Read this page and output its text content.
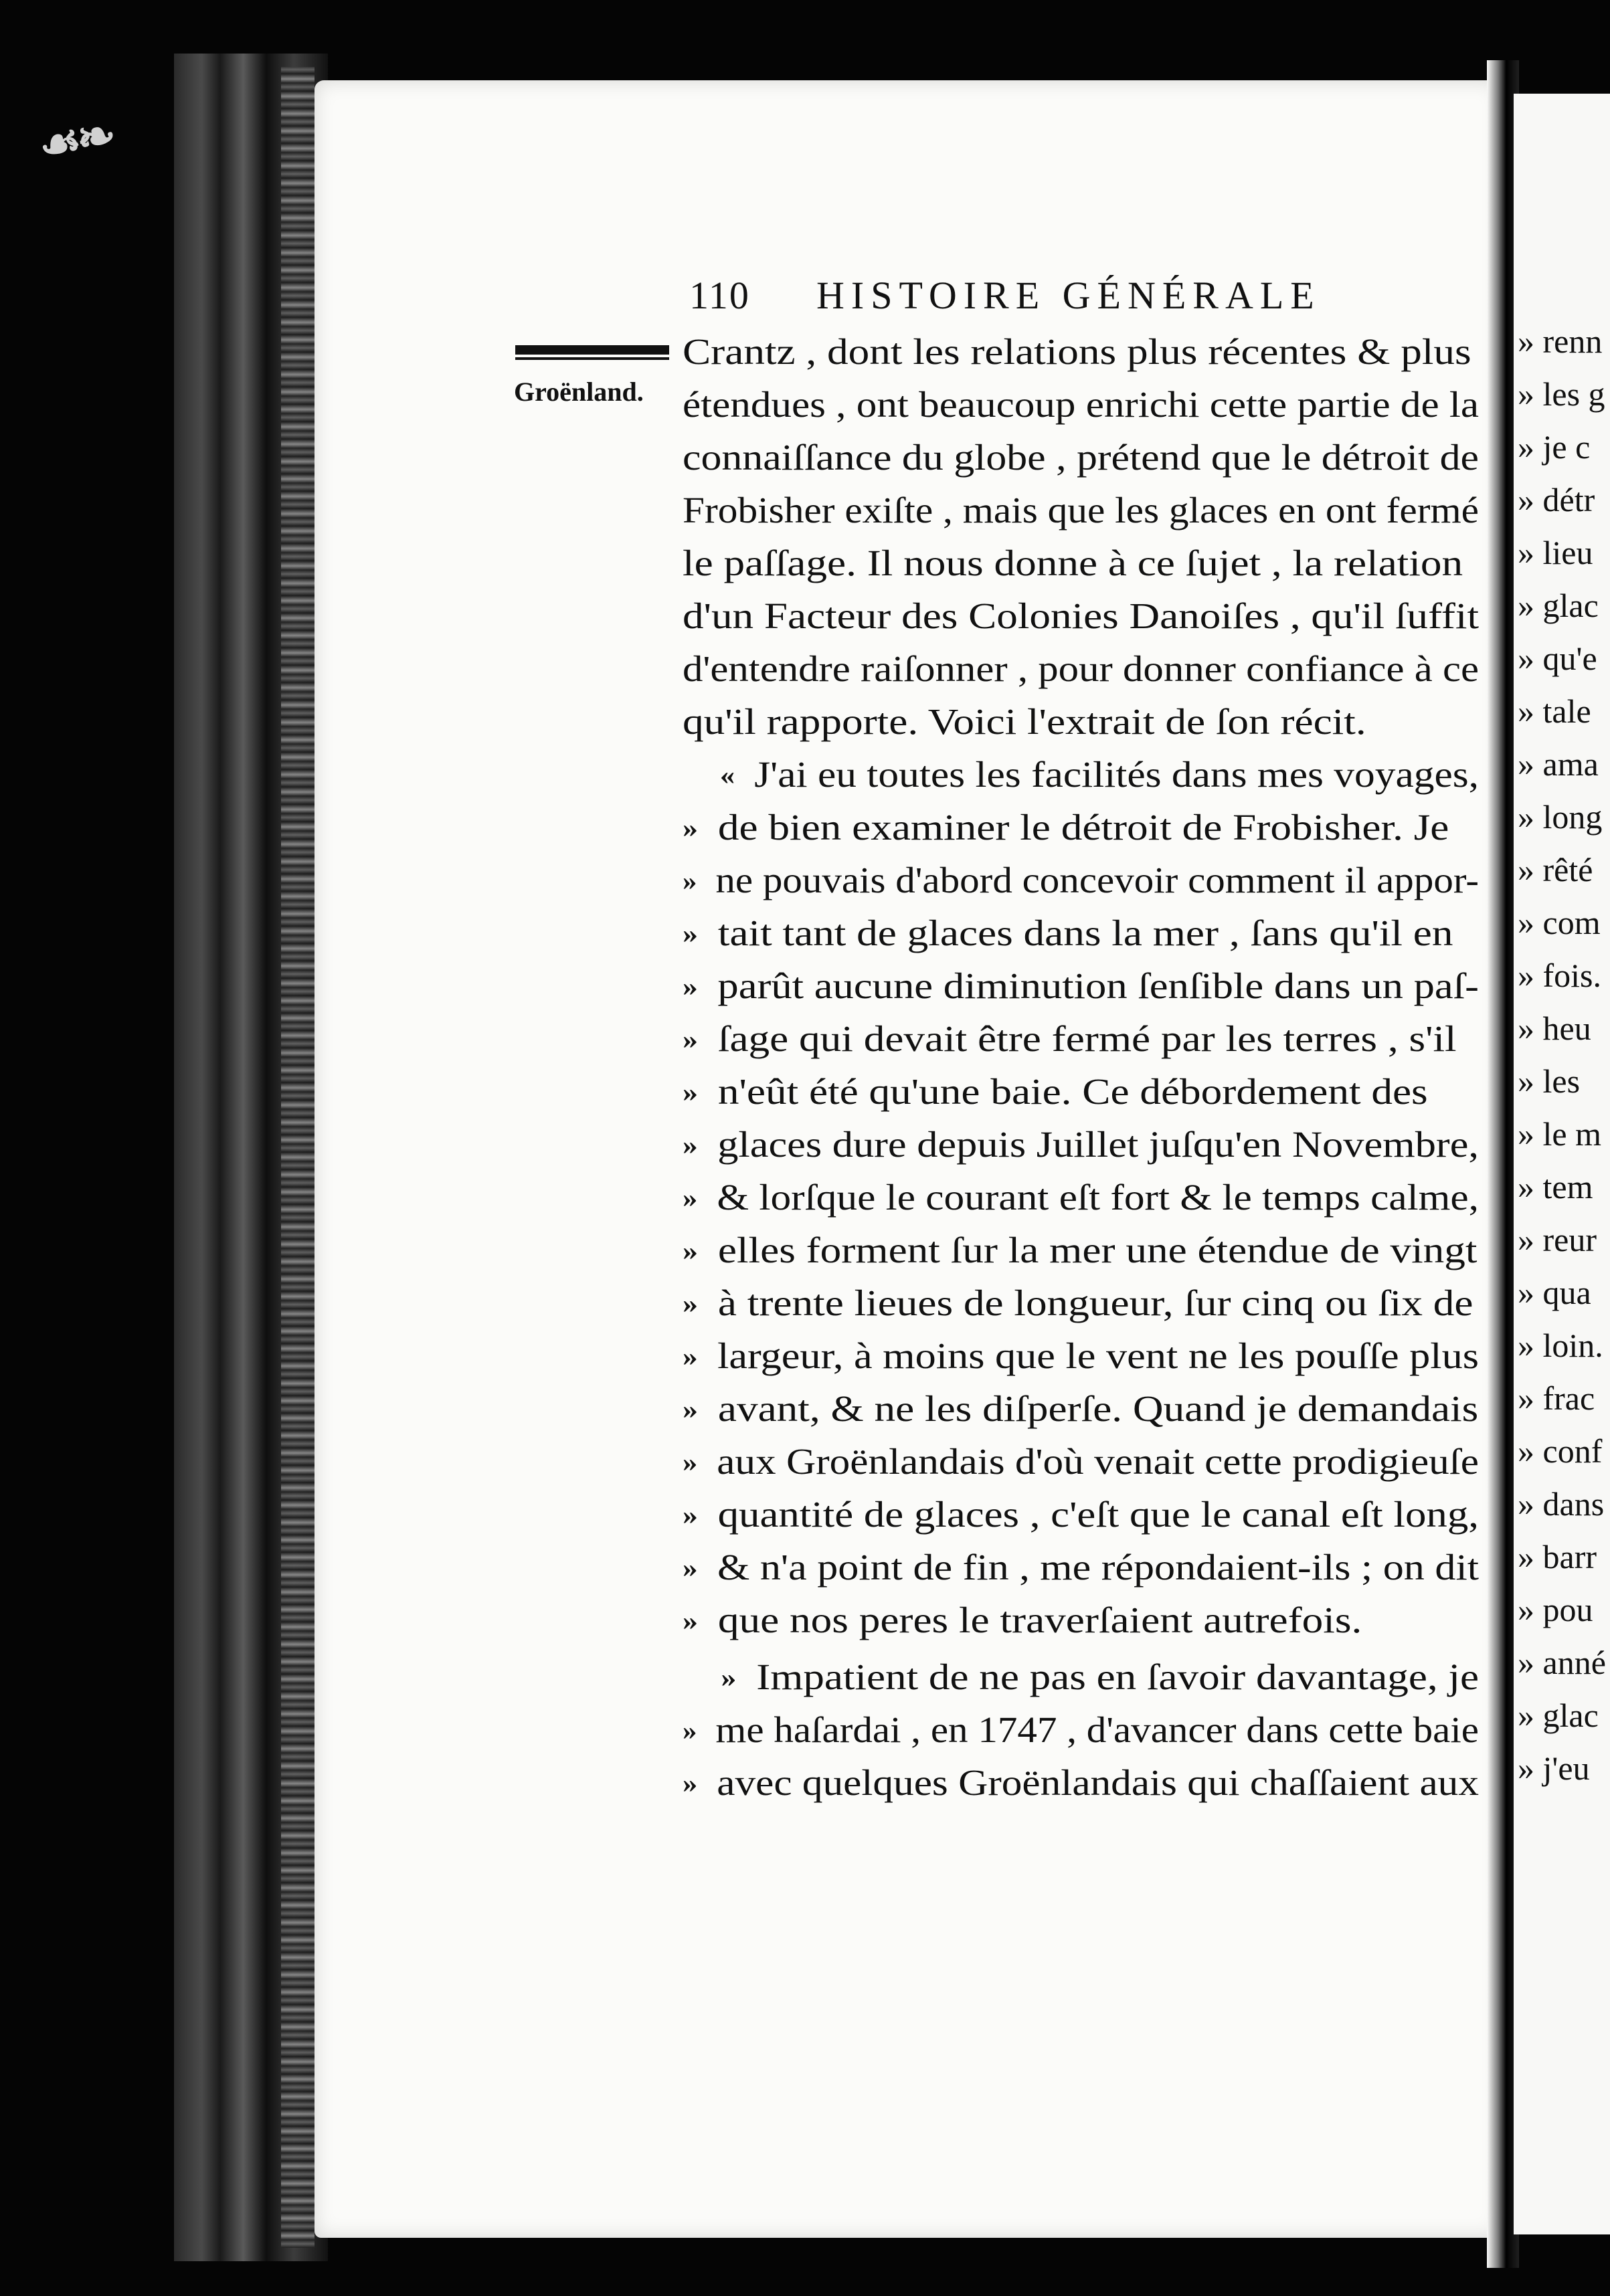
☙❧
» renn
» les g
» je c
» détr
» lieu
» glac
» qu'e
» tale
» ama
» long
» rêté
» com
» fois.
» heu
» les
» le m
» tem
» reur
» qua
» loin.
» frac
» conf
» dans
» barr
» pou
» anné
» glac
» j'eu
110 HISTOIRE GÉNÉRALE
Groënland.
Crantz , dont les relations plus récentes & plus
étendues , ont beaucoup enrichi cette partie de la
connaiſſance du globe , prétend que le détroit de
Frobisher exiſte , mais que les glaces en ont fermé
le paſſage. Il nous donne à ce ſujet , la relation
d'un Facteur des Colonies Danoiſes , qu'il ſuffit
d'entendre raiſonner , pour donner confiance à ce
qu'il rapporte. Voici l'extrait de ſon récit.
« J'ai eu toutes les facilités dans mes voyages,
» de bien examiner le détroit de Frobisher. Je
» ne pouvais d'abord concevoir comment il appor-
» tait tant de glaces dans la mer , ſans qu'il en
» parût aucune diminution ſenſible dans un paſ-
» ſage qui devait être fermé par les terres , s'il
» n'eût été qu'une baie. Ce débordement des
» glaces dure depuis Juillet juſqu'en Novembre,
» & lorſque le courant eſt fort & le temps calme,
» elles forment ſur la mer une étendue de vingt
» à trente lieues de longueur, ſur cinq ou ſix de
» largeur, à moins que le vent ne les pouſſe plus
» avant, & ne les diſperſe. Quand je demandais
» aux Groënlandais d'où venait cette prodigieuſe
» quantité de glaces , c'eſt que le canal eſt long,
» & n'a point de fin , me répondaient-ils ; on dit
» que nos peres le traverſaient autrefois.
» Impatient de ne pas en ſavoir davantage, je
» me haſardai , en 1747 , d'avancer dans cette baie
» avec quelques Groënlandais qui chaſſaient aux
